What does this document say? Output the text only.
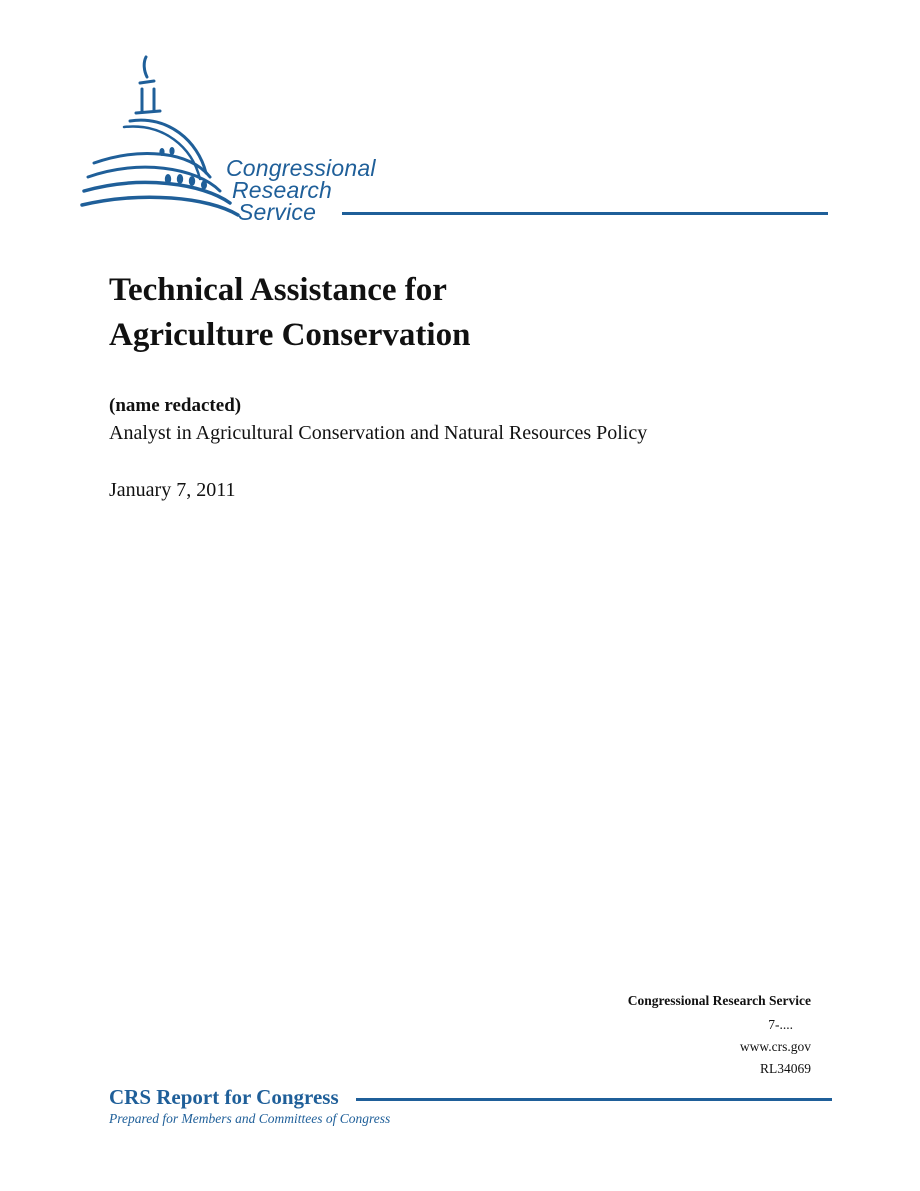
Congressional
Research
Service
Technical Assistance for
Agriculture Conservation

(name redacted)

Analyst in Agricultural Conservation and Natural Resources Policy

January 7, 2011

Congressional Research Service
7-....
www.crs.gov
RL34069
CRS Report for Congress
Prepared for Members and Committees of Congress
